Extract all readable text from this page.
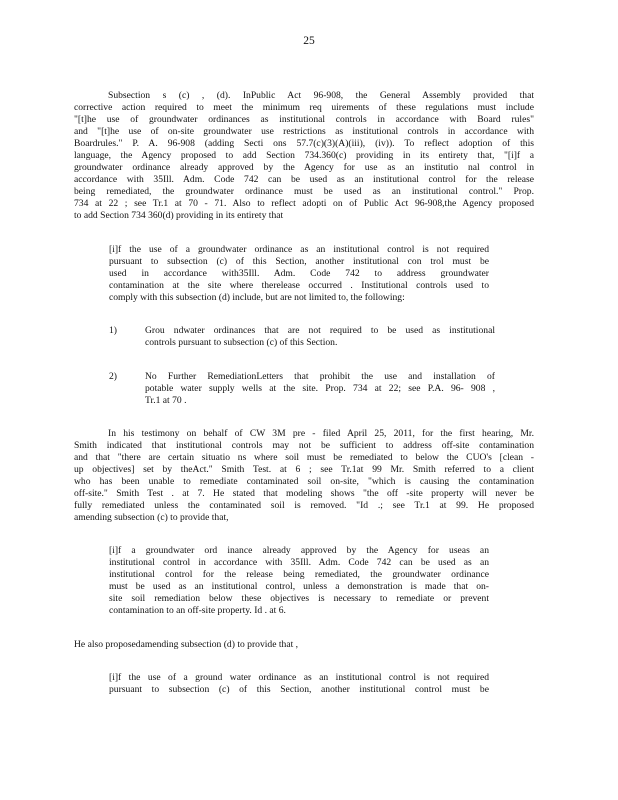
25
Subsection s (c) , (d). InPublic Act 96-908, the General Assembly provided that
corrective action required to meet the minimum req uirements of these regulations must include
"[t]he use of groundwater ordinances as institutional controls in accordance with Board rules"
and "[t]he use of on-site groundwater use restrictions as institutional controls in accordance with
Boardrules." P. A. 96-908 (adding Secti ons 57.7(c)(3)(A)(iii), (iv)). To reflect adoption of this
language, the Agency proposed to add Section 734.360(c) providing in its entirety that, "[i]f a
groundwater ordinance already approved by the Agency for use as an institutio nal control in
accordance with 35Ill. Adm. Code 742 can be used as an institutional control for the release
being remediated, the groundwater ordinance must be used as an institutional control." Prop.
734 at 22 ; see Tr.1 at 70 - 71. Also to reflect adopti on of Public Act 96-908,the Agency proposed
to add Section 734 360(d) providing in its entirety that
[i]f the use of a groundwater ordinance as an institutional control is not required
pursuant to subsection (c) of this Section, another institutional con trol must be
used in accordance with35Ill. Adm. Code 742 to address groundwater
contamination at the site where therelease occurred . Institutional controls used to
comply with this subsection (d) include, but are not limited to, the following:
1)	Grou ndwater ordinances that are not required to be used as institutional
controls pursuant to subsection (c) of this Section.
2)	No Further RemediationLetters that prohibit the use and installation of
potable water supply wells at the site. Prop. 734 at 22; see P.A. 96- 908 ,
Tr.1 at 70 .
In his testimony on behalf of CW 3M pre - filed April 25, 2011, for the first hearing, Mr.
Smith indicated that institutional controls may not be sufficient to address off-site contamination
and that "there are certain situatio ns where soil must be remediated to below the CUO's [clean -
up objectives] set by theAct." Smith Test. at 6 ; see Tr.1at 99 Mr. Smith referred to a client
who has been unable to remediate contaminated soil on-site, "which is causing the contamination
off-site." Smith Test . at 7. He stated that modeling shows "the off -site property will never be
fully remediated unless the contaminated soil is removed. "Id .; see Tr.1 at 99. He proposed
amending subsection (c) to provide that,
[i]f a groundwater ord inance already approved by the Agency for useas an
institutional control in accordance with 35Ill. Adm. Code 742 can be used as an
institutional control for the release being remediated, the groundwater ordinance
must be used as an institutional control, unless a demonstration is made that on-
site soil remediation below these objectives is necessary to remediate or prevent
contamination to an off-site property. Id . at 6.
He also proposedamending subsection (d) to provide that ,
[i]f the use of a ground water ordinance as an institutional control is not required
pursuant to subsection (c) of this Section, another institutional control must be
